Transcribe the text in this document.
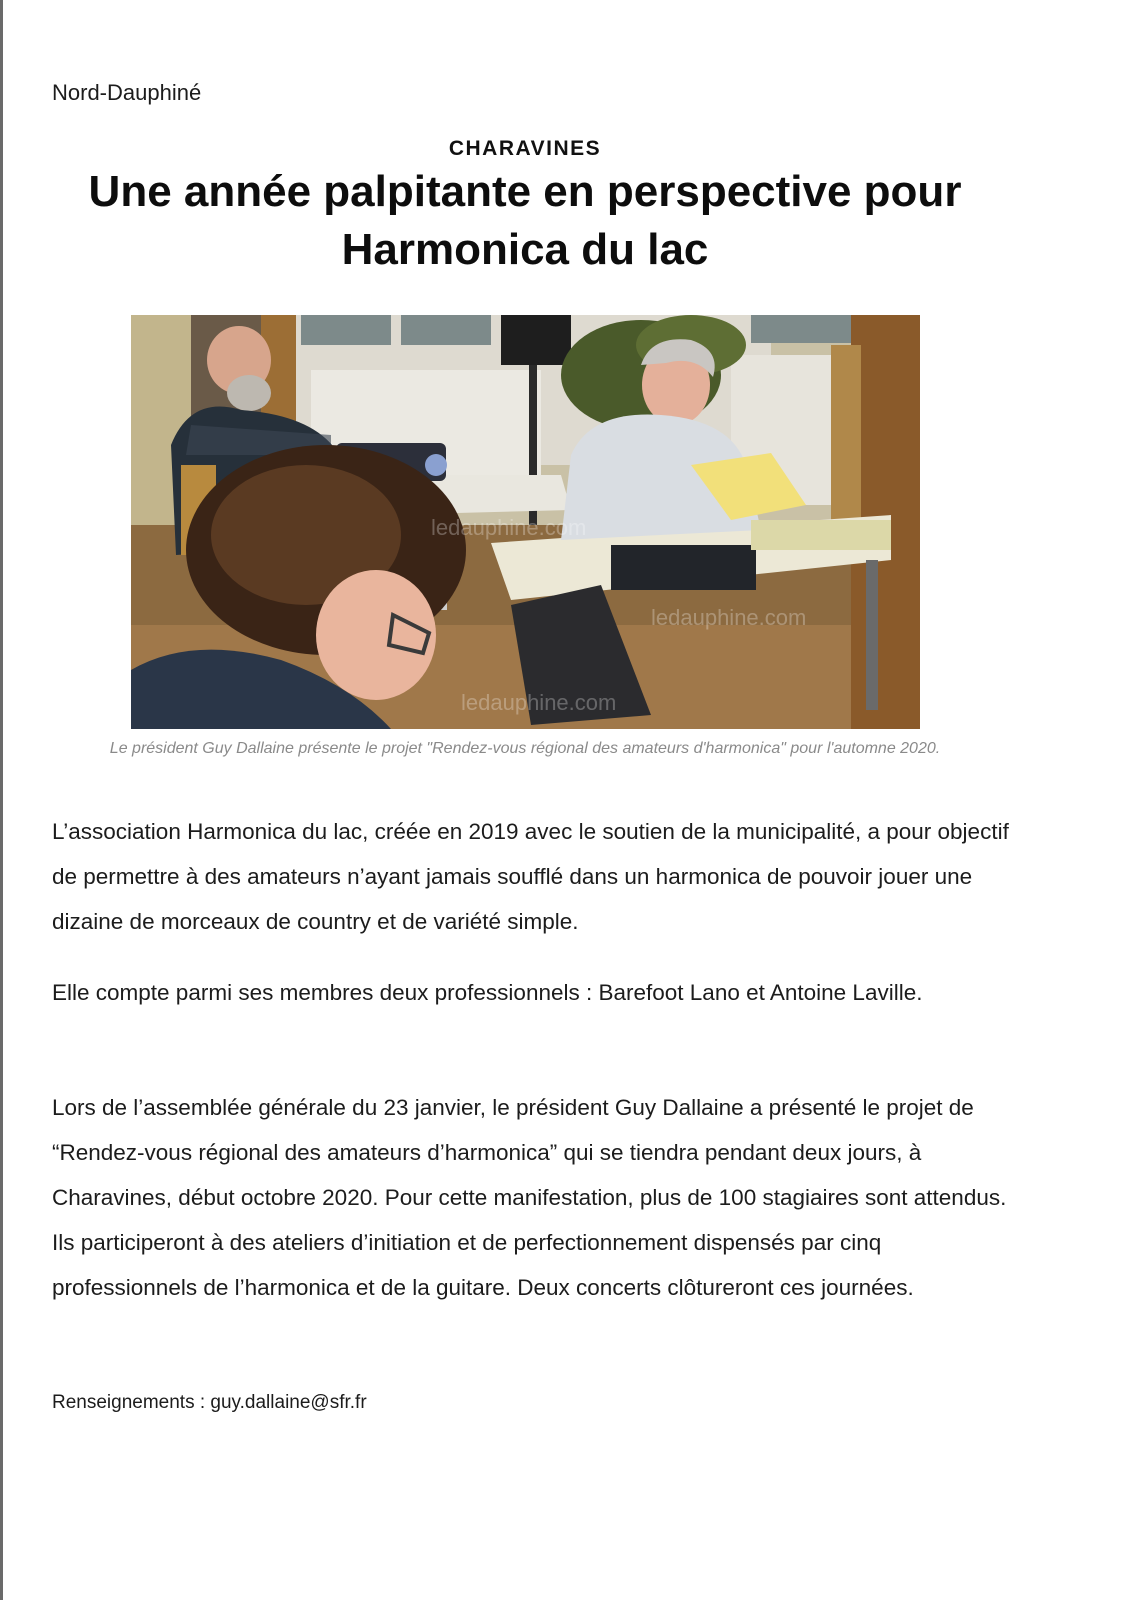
Nord-Dauphiné
CHARAVINES
Une année palpitante en perspective pour Harmonica du lac
ledauphine.com
ledauphine.com
ledauphine.com
Le président Guy Dallaine présente le projet "Rendez-vous régional des amateurs d'harmonica" pour l'automne 2020.

L’association Harmonica du lac, créée en 2019 avec le soutien de la municipalité, a pour objectif de permettre à des amateurs n’ayant jamais soufflé dans un harmonica de pouvoir jouer une dizaine de morceaux de country et de variété simple.

Elle compte parmi ses membres deux professionnels : Barefoot Lano et Antoine Laville.

Lors de l’assemblée générale du 23 janvier, le président Guy Dallaine a présenté le projet de “Rendez-vous régional des amateurs d’harmonica” qui se tiendra pendant deux jours, à Charavines, début octobre 2020. Pour cette manifestation, plus de 100 stagiaires sont attendus. Ils participeront à des ateliers d’initiation et de perfectionnement dispensés par cinq professionnels de l’harmonica et de la guitare. Deux concerts clôtureront ces journées.

Renseignements : guy.dallaine@sfr.fr
